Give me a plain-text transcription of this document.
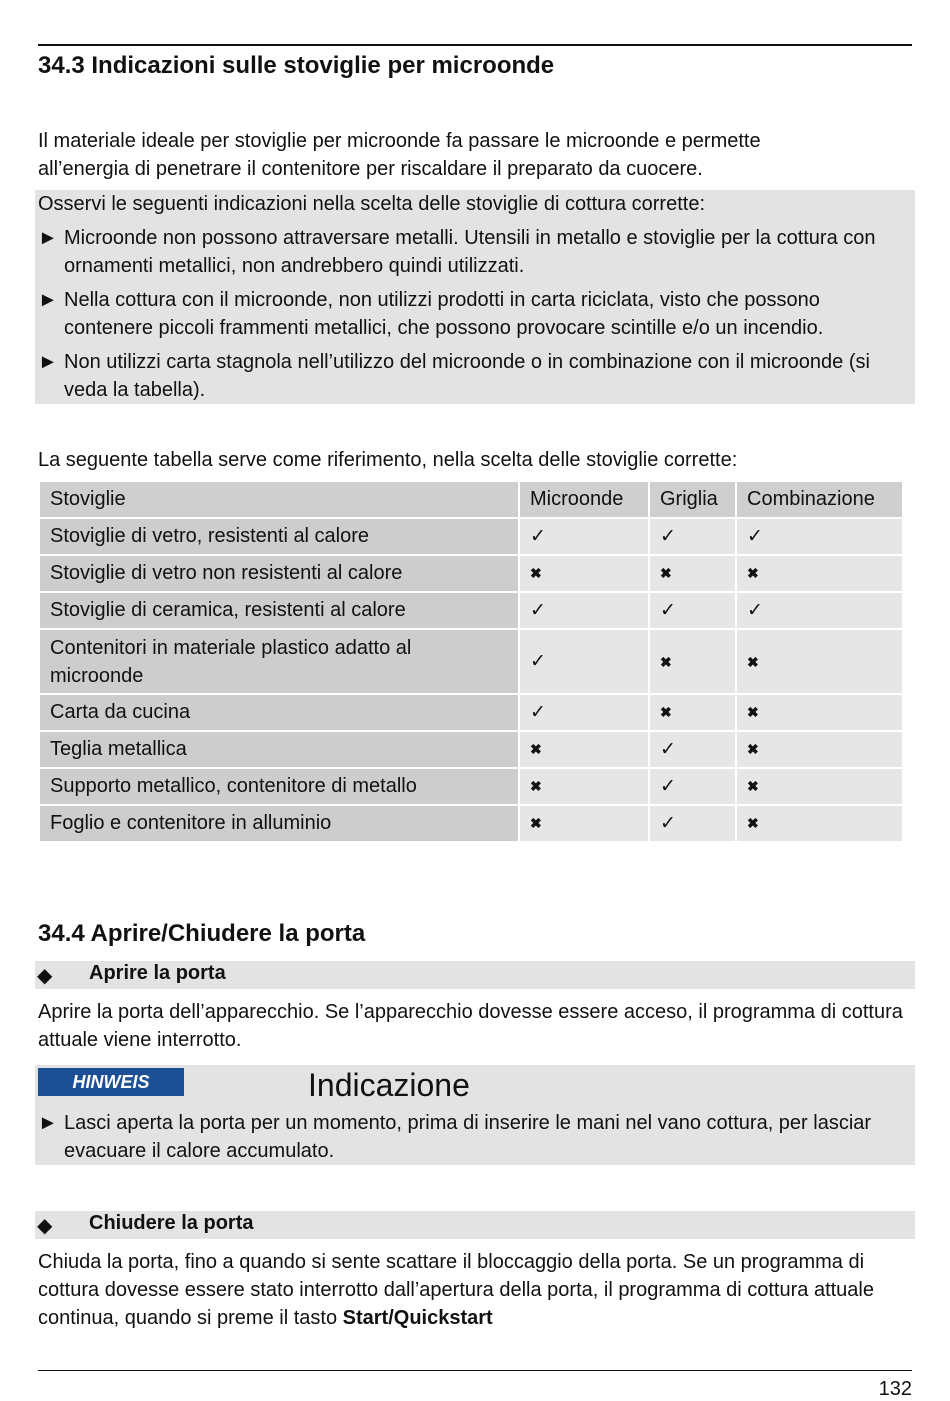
34.3 Indicazioni sulle stoviglie per microonde

Il materiale ideale per stoviglie per microonde fa passare le microonde e permette

all’energia di penetrare il contenitore per riscaldare il preparato da cuocere.

Osservi le seguenti indicazioni nella scelta delle stoviglie di cottura corrette:
► Microonde non possono attraversare metalli. Utensili in metallo e stoviglie per la cottura con ornamenti metallici, non andrebbero quindi utilizzati.
► Nella cottura con il microonde, non utilizzi prodotti in carta riciclata, visto che possono contenere piccoli frammenti metallici, che possono provocare scintille e/o un incendio.
► Non utilizzi carta stagnola nell’utilizzo del microonde o in combinazione con il microonde (si veda la tabella).

La seguente tabella serve come riferimento, nella scelta delle stoviglie corrette:

Stoviglie	Microonde	Griglia	Combinazione
Stoviglie di vetro, resistenti al calore	✓	✓	✓
Stoviglie di vetro non resistenti al calore	✖	✖	✖
Stoviglie di ceramica, resistenti al calore	✓	✓	✓
Contenitori in materiale plastico adatto al microonde	✓	✖	✖
Carta da cucina	✓	✖	✖
Teglia metallica	✖	✓	✖
Supporto metallico, contenitore di metallo	✖	✓	✖
Foglio e contenitore in alluminio	✖	✓	✖
34.4 Aprire/Chiudere la porta
◆ Aprire la porta

Aprire la porta dell’apparecchio. Se l’apparecchio dovesse essere acceso, il programma di cottura attuale viene interrotto.

HINWEIS	Indicazione
► Lasci aperta la porta per un momento, prima di inserire le mani nel vano cottura, per lasciar evacuare il calore accumulato.
◆ Chiudere la porta

Chiuda la porta, fino a quando si sente scattare il bloccaggio della porta. Se un programma di cottura dovesse essere stato interrotto dall’apertura della porta, il programma di cottura attuale continua, quando si preme il tasto Start/Quickstart

132
